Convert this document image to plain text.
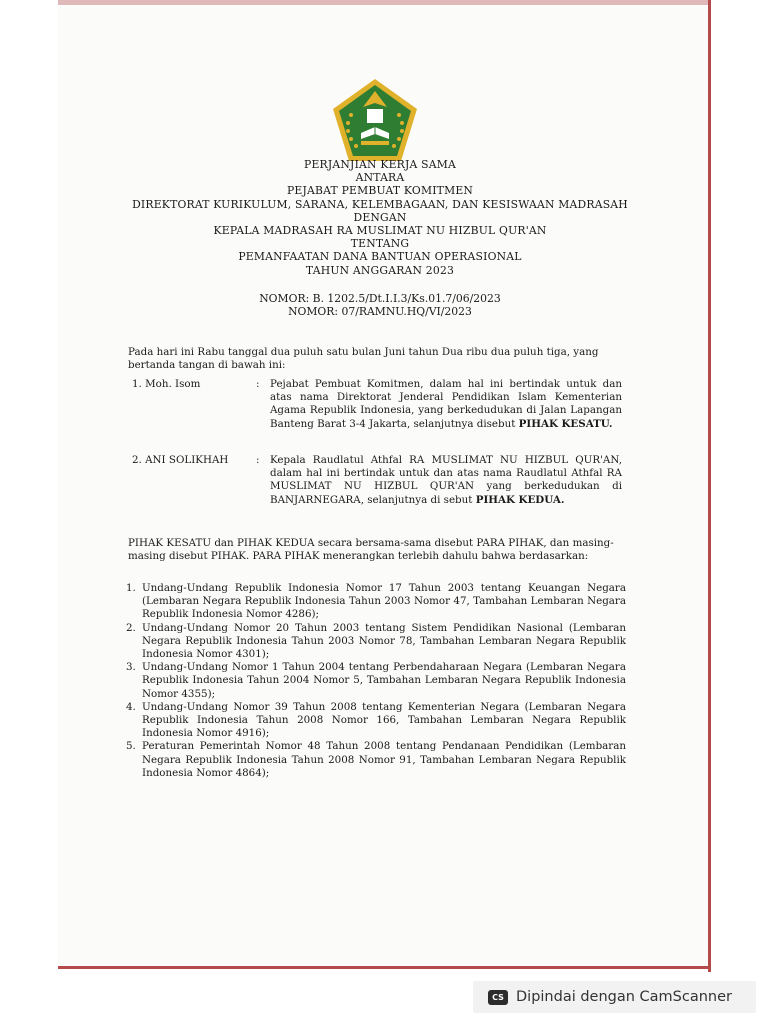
PERJANJIAN KERJA SAMA
ANTARA
PEJABAT PEMBUAT KOMITMEN
DIREKTORAT KURIKULUM, SARANA, KELEMBAGAAN, DAN KESISWAAN MADRASAH
DENGAN
KEPALA MADRASAH RA MUSLIMAT NU HIZBUL QUR'AN
TENTANG
PEMANFAATAN DANA BANTUAN OPERASIONAL
TAHUN ANGGARAN 2023
NOMOR: B. 1202.5/Dt.I.I.3/Ks.01.7/06/2023
NOMOR: 07/RAMNU.HQ/VI/2023
Pada hari ini Rabu tanggal dua puluh satu bulan Juni tahun Dua ribu dua puluh tiga, yang bertanda tangan di bawah ini:
1. Moh. Isom	: Pejabat Pembuat Komitmen, dalam hal ini bertindak untuk dan atas nama Direktorat Jenderal Pendidikan Islam Kementerian Agama Republik Indonesia, yang berkedudukan di Jalan Lapangan Banteng Barat 3-4 Jakarta, selanjutnya disebut PIHAK KESATU.
2. ANI SOLIKHAH	: Kepala Raudlatul Athfal RA MUSLIMAT NU HIZBUL QUR'AN, dalam hal ini bertindak untuk dan atas nama Raudlatul Athfal RA MUSLIMAT NU HIZBUL QUR'AN yang berkedudukan di BANJARNEGARA, selanjutnya di sebut PIHAK KEDUA.
PIHAK KESATU dan PIHAK KEDUA secara bersama-sama disebut PARA PIHAK, dan masing-masing disebut PIHAK. PARA PIHAK menerangkan terlebih dahulu bahwa berdasarkan:
1. Undang-Undang Republik Indonesia Nomor 17 Tahun 2003 tentang Keuangan Negara (Lembaran Negara Republik Indonesia Tahun 2003 Nomor 47, Tambahan Lembaran Negara Republik Indonesia Nomor 4286);
2. Undang-Undang Nomor 20 Tahun 2003 tentang Sistem Pendidikan Nasional (Lembaran Negara Republik Indonesia Tahun 2003 Nomor 78, Tambahan Lembaran Negara Republik Indonesia Nomor 4301);
3. Undang-Undang Nomor 1 Tahun 2004 tentang Perbendaharaan Negara (Lembaran Negara Republik Indonesia Tahun 2004 Nomor 5, Tambahan Lembaran Negara Republik Indonesia Nomor 4355);
4. Undang-Undang Nomor 39 Tahun 2008 tentang Kementerian Negara (Lembaran Negara Republik Indonesia Tahun 2008 Nomor 166, Tambahan Lembaran Negara Republik Indonesia Nomor 4916);
5. Peraturan Pemerintah Nomor 48 Tahun 2008 tentang Pendanaan Pendidikan (Lembaran Negara Republik Indonesia Tahun 2008 Nomor 91, Tambahan Lembaran Negara Republik Indonesia Nomor 4864);
CS Dipindai dengan CamScanner
